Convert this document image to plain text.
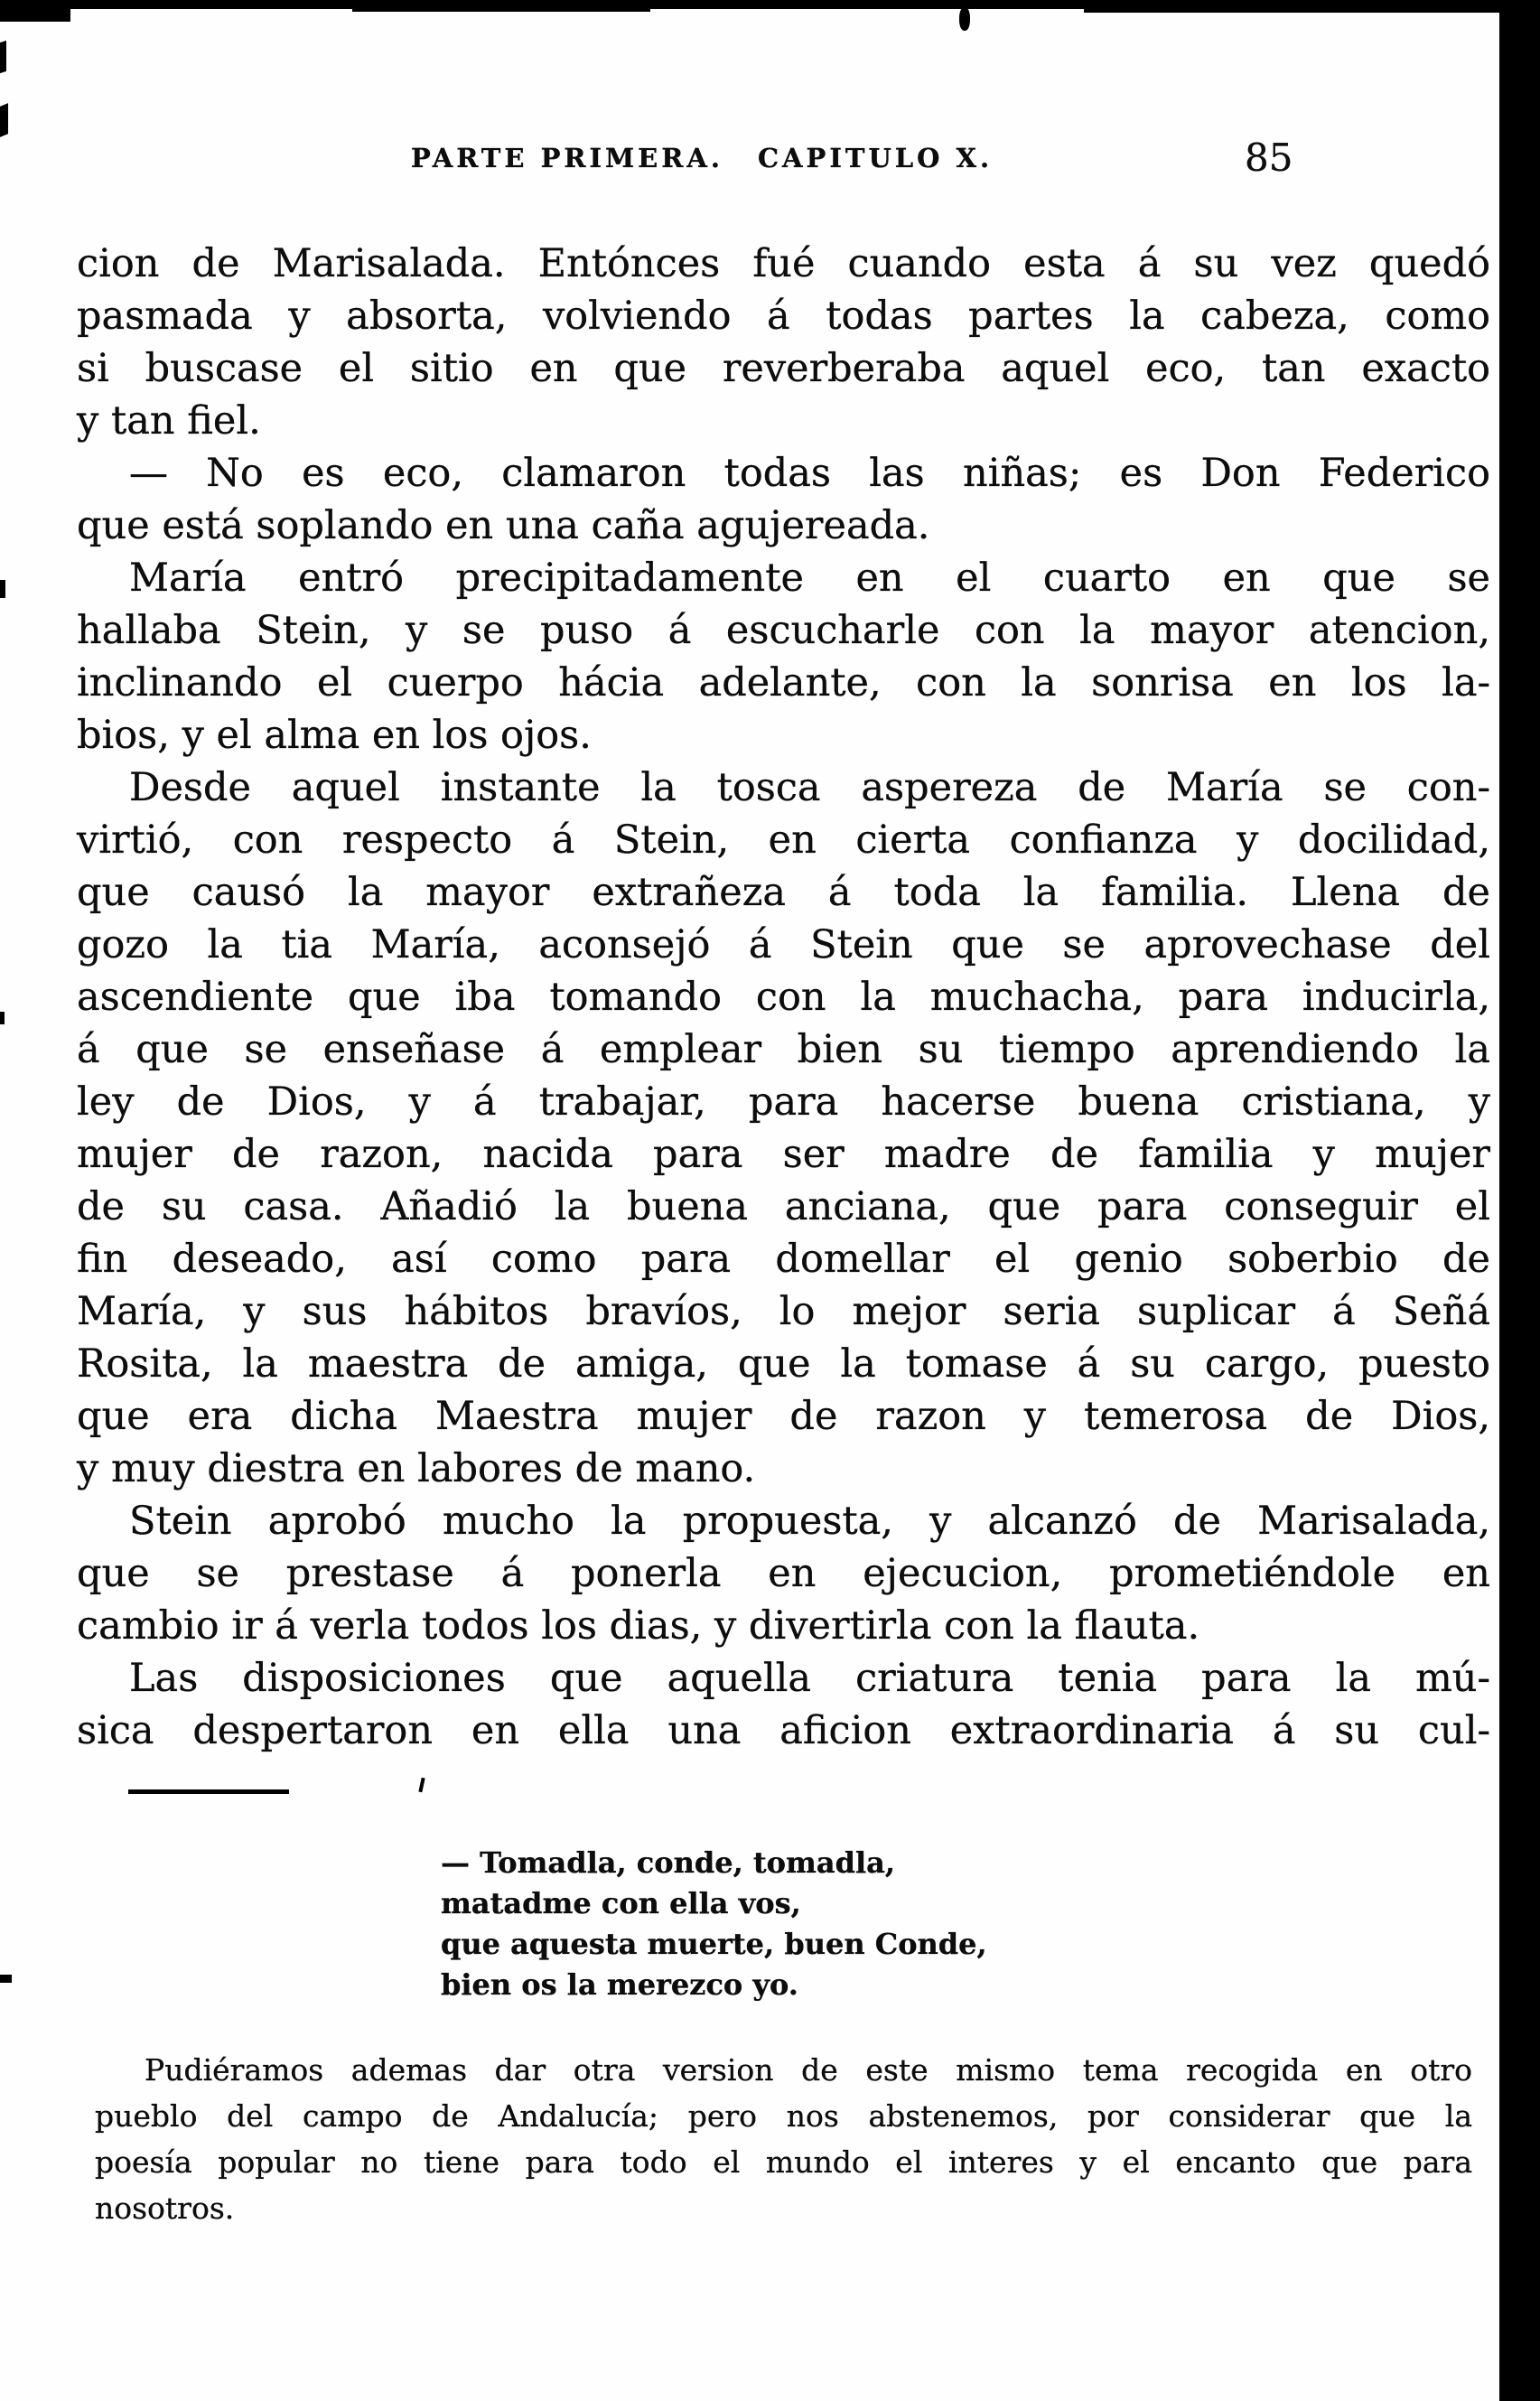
PARTE PRIMERA. CAPITULO X.	85
cion de Marisalada. Entónces fué cuando esta á su vez quedó
pasmada y absorta, volviendo á todas partes la cabeza, como
si buscase el sitio en que reverberaba aquel eco, tan exacto
y tan fiel.
— No es eco, clamaron todas las niñas; es Don Federico
que está soplando en una caña agujereada.
María entró precipitadamente en el cuarto en que se
hallaba Stein, y se puso á escucharle con la mayor atencion,
inclinando el cuerpo hácia adelante, con la sonrisa en los la-
bios, y el alma en los ojos.
Desde aquel instante la tosca aspereza de María se con-
virtió, con respecto á Stein, en cierta confianza y docilidad,
que causó la mayor extrañeza á toda la familia. Llena de
gozo la tia María, aconsejó á Stein que se aprovechase del
ascendiente que iba tomando con la muchacha, para inducirla,
á que se enseñase á emplear bien su tiempo aprendiendo la
ley de Dios, y á trabajar, para hacerse buena cristiana, y
mujer de razon, nacida para ser madre de familia y mujer
de su casa. Añadió la buena anciana, que para conseguir el
fin deseado, así como para domellar el genio soberbio de
María, y sus hábitos bravíos, lo mejor seria suplicar á Señá
Rosita, la maestra de amiga, que la tomase á su cargo, puesto
que era dicha Maestra mujer de razon y temerosa de Dios,
y muy diestra en labores de mano.
Stein aprobó mucho la propuesta, y alcanzó de Marisalada,
que se prestase á ponerla en ejecucion, prometiéndole en
cambio ir á verla todos los dias, y divertirla con la flauta.
Las disposiciones que aquella criatura tenia para la mú-
sica despertaron en ella una aficion extraordinaria á su cul-
— Tomadla, conde, tomadla,
matadme con ella vos,
que aquesta muerte, buen Conde,
bien os la merezco yo.
Pudiéramos ademas dar otra version de este mismo tema recogida en otro
pueblo del campo de Andalucía; pero nos abstenemos, por considerar que la
poesía popular no tiene para todo el mundo el interes y el encanto que para
nosotros.
